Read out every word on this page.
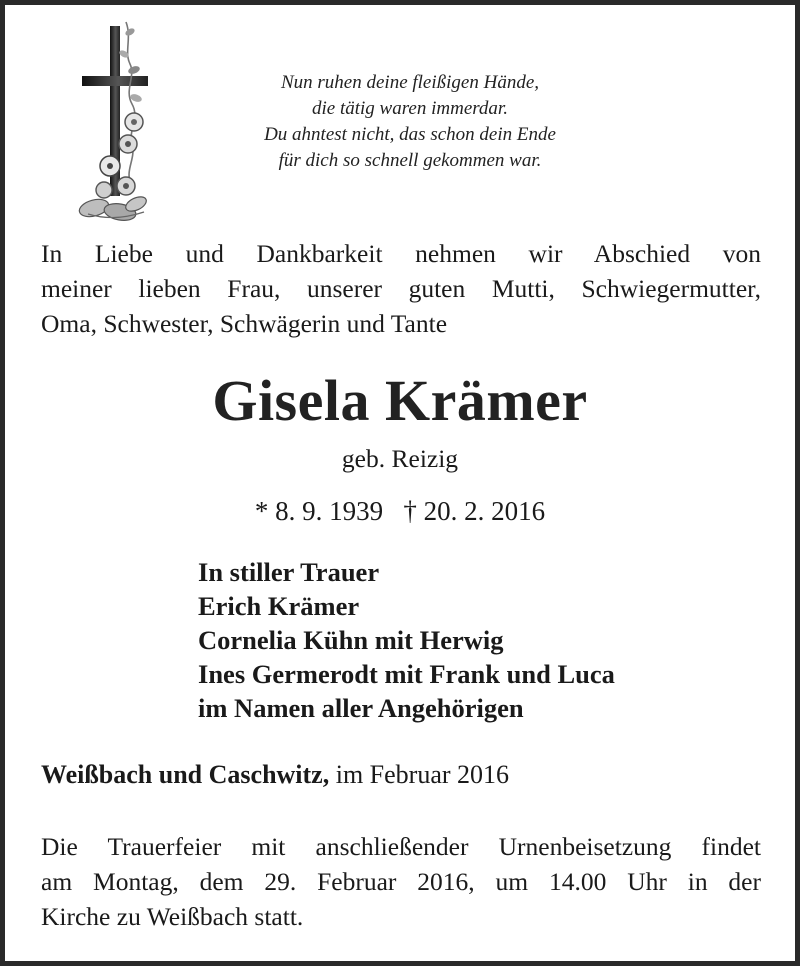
Nun ruhen deine fleißigen Hände,
die tätig waren immerdar.
Du ahntest nicht, das schon dein Ende
für dich so schnell gekommen war.
In Liebe und Dankbarkeit nehmen wir Abschied von
meiner lieben Frau, unserer guten Mutti, Schwiegermutter,
Oma, Schwester, Schwägerin und Tante
Gisela Krämer
geb. Reizig
* 8. 9. 1939   † 20. 2. 2016
In stiller Trauer
Erich Krämer
Cornelia Kühn mit Herwig
Ines Germerodt mit Frank und Luca
im Namen aller Angehörigen
Weißbach und Caschwitz, im Februar 2016
Die Trauerfeier mit anschließender Urnenbeisetzung findet
am Montag, dem 29. Februar 2016, um 14.00 Uhr in der
Kirche zu Weißbach statt.
